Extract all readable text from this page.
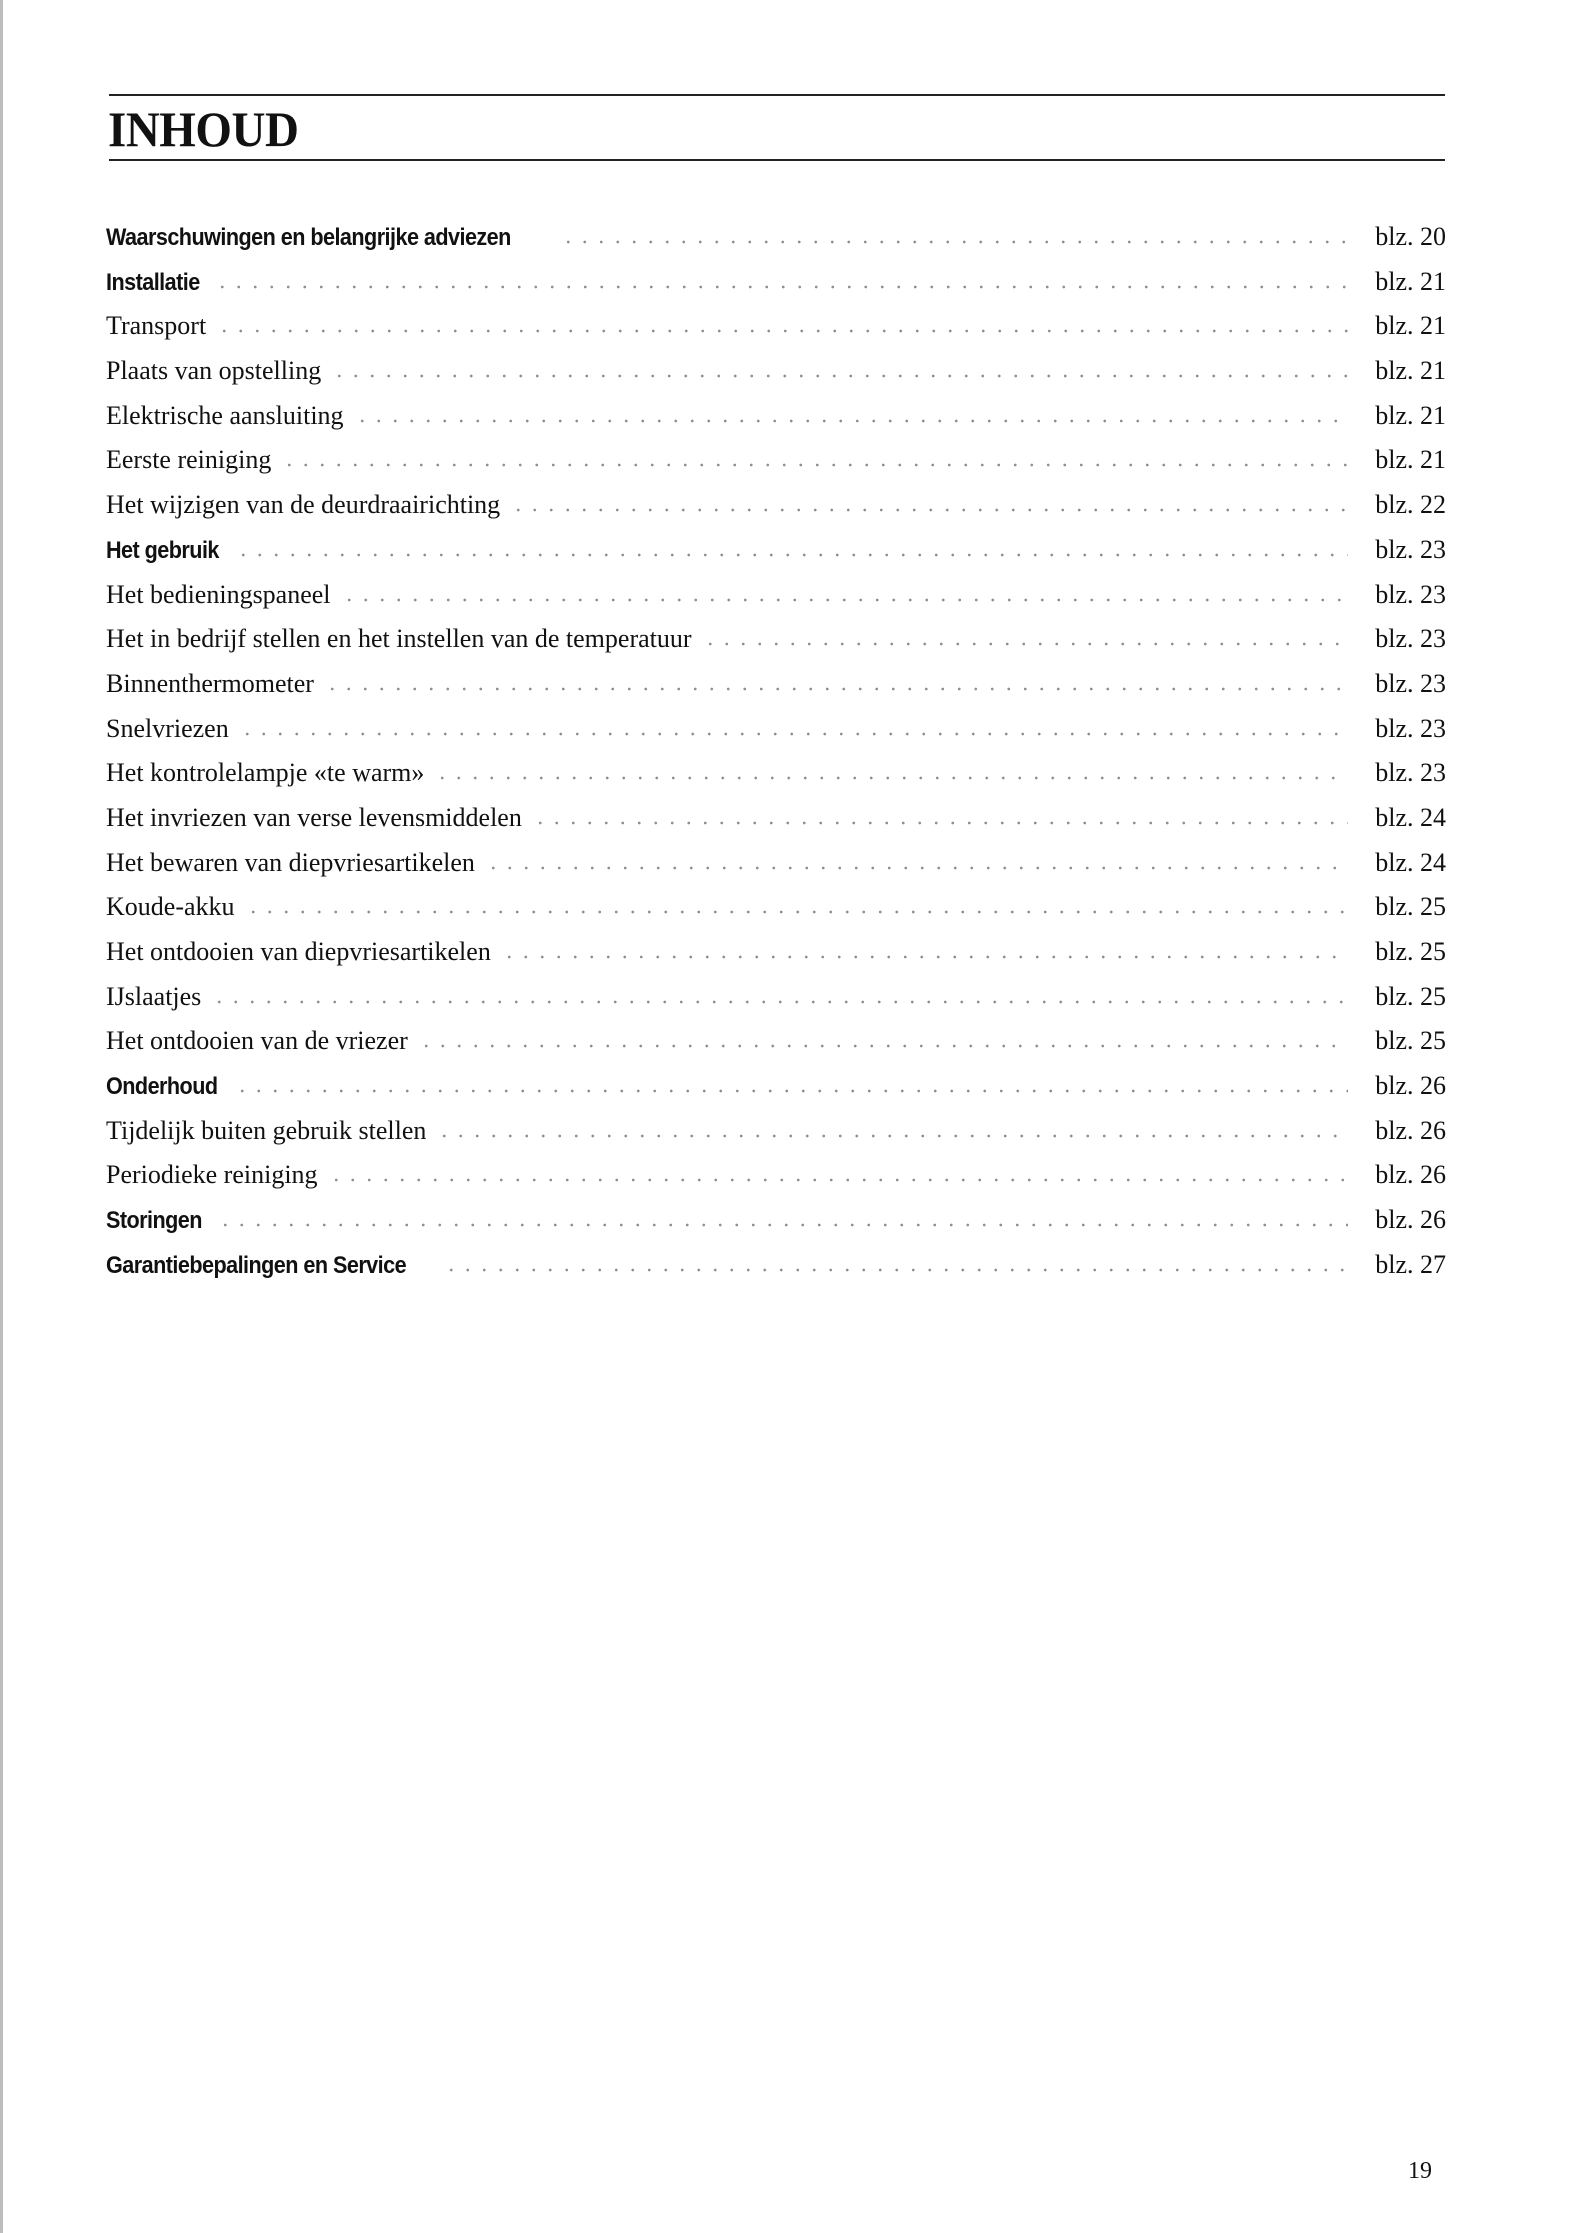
INHOUD
Waarschuwingen en belangrijke adviezen	blz. 20
Installatie	blz. 21
Transport	blz. 21
Plaats van opstelling	blz. 21
Elektrische aansluiting	blz. 21
Eerste reiniging	blz. 21
Het wijzigen van de deurdraairichting	blz. 22
Het gebruik	blz. 23
Het bedieningspaneel	blz. 23
Het in bedrijf stellen en het instellen van de temperatuur	blz. 23
Binnenthermometer	blz. 23
Snelvriezen	blz. 23
Het kontrolelampje «te warm»	blz. 23
Het invriezen van verse levensmiddelen	blz. 24
Het bewaren van diepvriesartikelen	blz. 24
Koude-akku	blz. 25
Het ontdooien van diepvriesartikelen	blz. 25
IJslaatjes	blz. 25
Het ontdooien van de vriezer	blz. 25
Onderhoud	blz. 26
Tijdelijk buiten gebruik stellen	blz. 26
Periodieke reiniging	blz. 26
Storingen	blz. 26
Garantiebepalingen en Service	blz. 27
19
